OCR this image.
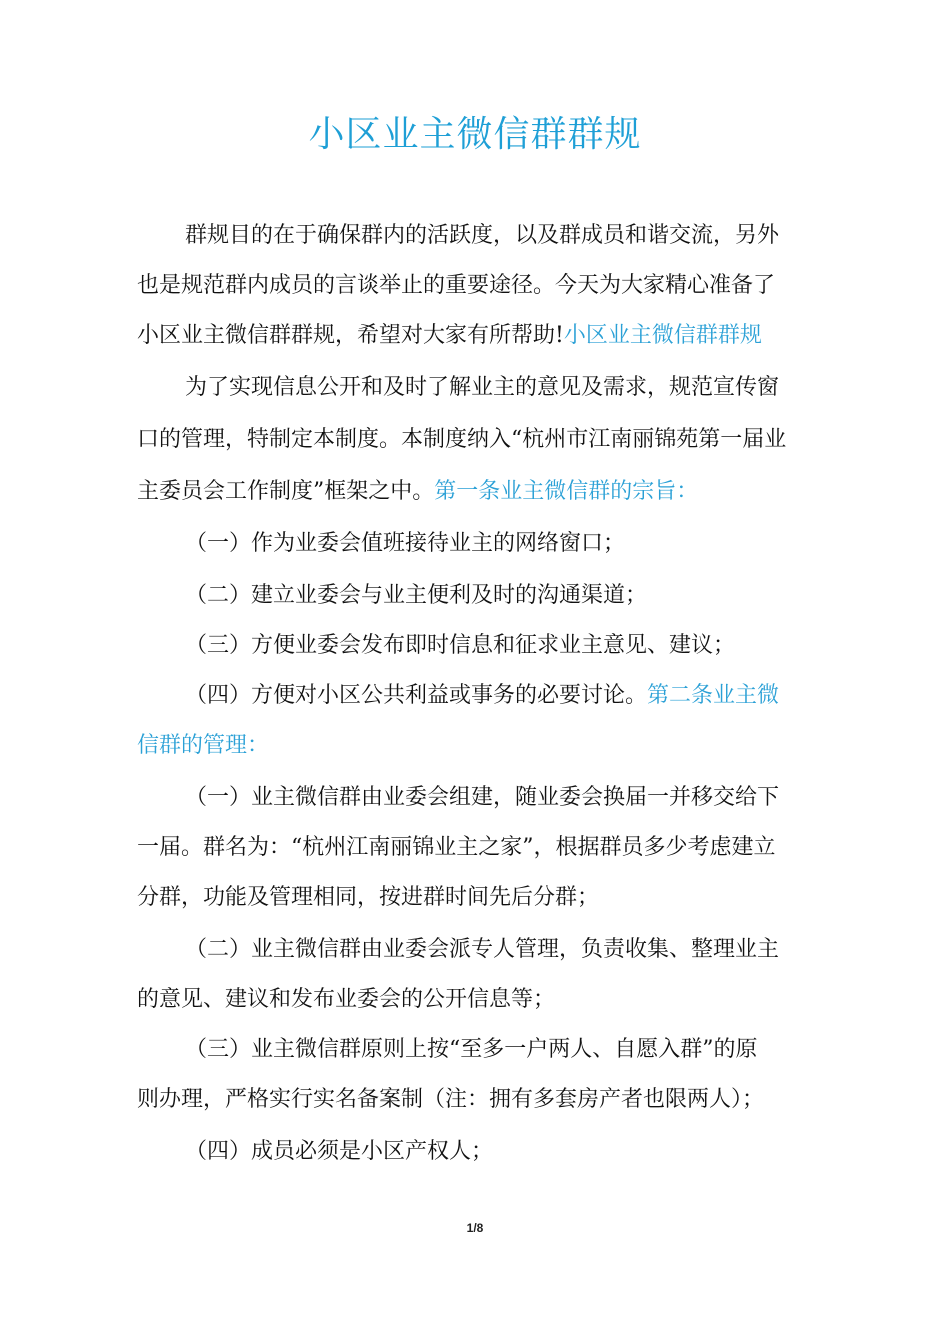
小区业主微信群群规
群规目的在于确保群内的活跃度，以及群成员和谐交流，另外
也是规范群内成员的言谈举止的重要途径。今天为大家精心准备了
小区业主微信群群规，希望对大家有所帮助!小区业主微信群群规
为了实现信息公开和及时了解业主的意见及需求，规范宣传窗
口的管理，特制定本制度。本制度纳入“杭州市江南丽锦苑第一届业
主委员会工作制度”框架之中。第一条业主微信群的宗旨：
（一）作为业委会值班接待业主的网络窗口；
（二）建立业委会与业主便利及时的沟通渠道；
（三）方便业委会发布即时信息和征求业主意见、建议；
（四）方便对小区公共利益或事务的必要讨论。第二条业主微
信群的管理：
（一）业主微信群由业委会组建，随业委会换届一并移交给下
一届。群名为：“杭州江南丽锦业主之家”，根据群员多少考虑建立
分群，功能及管理相同，按进群时间先后分群；
（二）业主微信群由业委会派专人管理，负责收集、整理业主
的意见、建议和发布业委会的公开信息等；
（三）业主微信群原则上按“至多一户两人、自愿入群”的原
则办理，严格实行实名备案制（注：拥有多套房产者也限两人）；
（四）成员必须是小区产权人；
1/8
